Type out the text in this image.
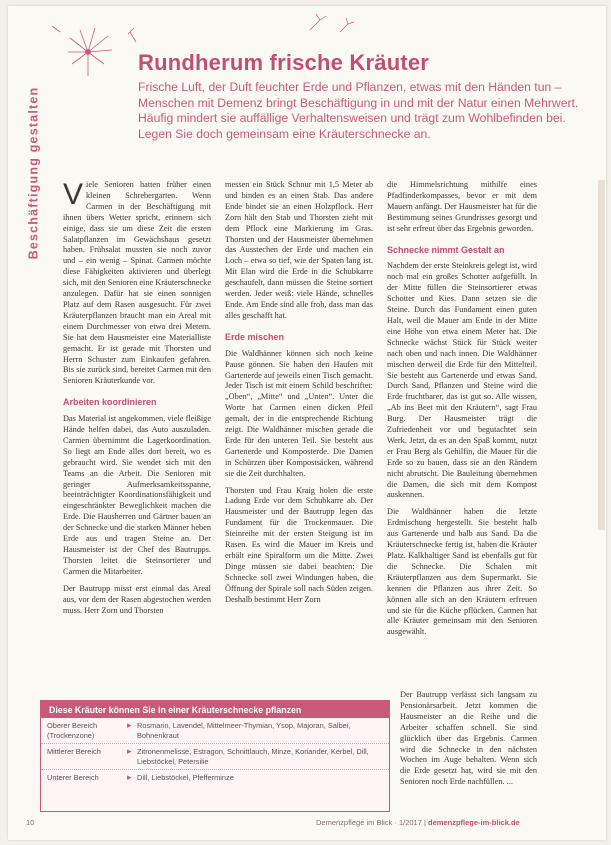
Beschäftigung gestalten
Rundherum frische Kräuter

Frische Luft, der Duft feuchter Erde und Pflanzen, etwas mit den Händen tun – Menschen mit Demenz bringt Beschäftigung in und mit der Natur einen Mehrwert. Häufig mindert sie auffällige Verhaltensweisen und trägt zum Wohlbefinden bei. Legen Sie doch gemeinsam eine Kräuterschnecke an.

Viele Senioren hatten früher einen kleinen Schrebergarten. Wenn Carmen in der Beschäftigung mit ihnen übers Wetter spricht, erinnern sich einige, dass sie um diese Zeit die ersten Salatpflanzen im Gewächshaus gesetzt haben. Frühsalat mussten sie noch zuvor und – ein wenig – Spinat. Carmen möchte diese Fähigkeiten aktivieren und überlegt sich, mit den Senioren eine Kräuterschnecke anzulegen. Dafür hat sie einen sonnigen Platz auf dem Rasen ausgesucht. Für zwei Kräuterpflanzen braucht man ein Areal mit einem Durchmesser von etwa drei Metern. Sie hat dem Hausmeister eine Materialliste gemacht. Er ist gerade mit Thorsten und Herrn Schuster zum Einkaufen gefahren. Bis sie zurück sind, bereitet Carmen mit den Senioren Kräuterkunde vor.

Arbeiten koordinieren

Das Material ist angekommen, viele fleißige Hände helfen dabei, das Auto auszuladen. Carmen übernimmt die Lagerkoordination. So liegt am Ende alles dort bereit, wo es gebraucht wird. Sie wendet sich mit den Teams an die Arbeit. Die Senioren mit geringer Aufmerksamkeitsspanne, beeinträchtigter Koordinationsfähigkeit und eingeschränkter Beweglichkeit machen die Erde. Die Hausherren und Gärtner bauen an der Schnecke und die starken Männer heben Erde aus und tragen Steine an. Der Hausmeister ist der Chef des Bautrupps. Thorsten leitet die Steinsortierer und Carmen die Mitarbeiter.

Der Bautrupp misst erst einmal das Areal aus, vor dem der Rasen abgestochen werden muss. Herr Zorn und Thorsten

messen ein Stück Schnur mit 1,5 Meter ab und binden es an einen Stab. Das andere Ende bindet sie an einen Holzpflock. Herr Zorn hält den Stab und Thorsten zieht mit dem Pflock eine Markierung im Gras. Thorsten und der Hausmeister übernehmen das Ausstechen der Erde und machen ein Loch – etwa so tief, wie der Spaten lang ist. Mit Elan wird die Erde in die Schubkarre geschaufelt, dann müssen die Steine sortiert werden. Jeder weiß: viele Hände, schnelles Ende. Am Ende sind alle froh, dass man das alles geschafft hat.

Erde mischen

Die Waldhänner können sich noch keine Pause gönnen. Sie haben den Haufen mit Gartenerde auf jeweils einen Tisch gemacht. Jeder Tisch ist mit einem Schild beschriftet: „Oben“, „Mitte“ und „Unten“. Unter die Worte hat Carmen einen dicken Pfeil gemalt, der in die entsprechende Richtung zeigt. Die Waldhänner mischen gerade die Erde für den unteren Teil. Sie besteht aus Gartenerde und Komposterde. Die Damen in Schürzen über Kompostsäcken, während sie die Zeit durchhalten.

Thorsten und Frau Kraig holen die erste Ladung Erde vor dem Schubkarre ab. Der Hausmeister und der Bautrupp legen das Fundament für die Trockenmauer. Die Steinreihe mit der ersten Steigung ist im Rasen. Es wird die Mauer im Kreis und erhält eine Spiralform um die Mitte. Zwei Dinge müssen sie dabei beachten: Die Schnecke soll zwei Windungen haben, die Öffnung der Spirale soll nach Süden zeigen. Deshalb bestimmt Herr Zorn

die Himmelsrichtung mithilfe eines Pfadfinderkompasses, bevor er mit dem Mauern anfängt. Der Hausmeister hat für die Bestimmung seines Grundrisses gesorgt und ist sehr erfreut über das Ergebnis geworden.

Schnecke nimmt Gestalt an

Nachdem der erste Steinkreis gelegt ist, wird noch mal ein großes Schotter aufgefüllt. In der Mitte füllen die Steinsortierer etwas Schotter und Kies. Dann setzen sie die Steine. Durch das Fundament einen guten Halt, weil die Mauer am Ende in der Mitte eine Höhe von etwa einem Meter hat. Die Schnecke wächst Stück für Stück weiter nach oben und nach innen. Die Waldhänner mischen derweil die Erde für den Mittelteil. Sie besteht aus Gartenerde und etwas Sand. Durch Sand, Pflanzen und Steine wird die Erde fruchtbarer, das ist gut so. Alle wissen, „Ab ins Beet mit den Kräutern“, sagt Frau Burg. Der Hausmeister trägt die Zufriedenheit vor und begutachtet sein Werk. Jetzt, da es an den Spaß kommt, nutzt er Frau Berg als Gehilfin, die Mauer für die Erde so zu bauen, dass sie an den Rändern nicht abrutscht. Die Bauleitung übernehmen die Damen, die sich mit dem Kompost auskennen.

Die Waldhänner haben die letzte Erdmischung hergestellt. Sie besteht halb aus Gartenerde und halb aus Sand. Da die Kräuterschnecke fertig ist, haben die Kräuter Platz. Kalkhaltiger Sand ist ebenfalls gut für die Schnecke. Die Schalen mit Kräuterpflanzen aus dem Supermarkt. Sie kennen die Pflanzen aus ihrer Zeit. So können alle sich an den Kräutern erfreuen und sie für die Küche pflücken. Carmen hat alle Kräuter gemeinsam mit den Senioren ausgewählt.

Der Bautrupp verlässt sich langsam zu Pensionärsarbeit. Jetzt kommen die Hausmeister an die Reihe und die Arbeiter schaffen schnell. Sie sind glücklich über das Ergebnis. Carmen wird die Schnecke in den nächsten Wochen im Auge behalten. Wenn sich die Erde gesetzt hat, wird sie mit den Senioren noch Erde nachfüllen. ...

Diese Kräuter können Sie in einer Kräuterschnecke pflanzen
Oberer Bereich (Trockenzone)
▸ Rosmarin, Lavendel, Mittelmeer-Thymian, Ysop, Majoran, Salbei, Bohnenkraut
Mittlerer Bereich	▸ Zitronenmelisse, Estragon, Schnittlauch, Minze, Koriander, Kerbel, Dill, Liebstöckel, Petersilie
Unterer Bereich	▸ Dill, Liebstöckel, Pfefferminze
10	Demenzpflege im Blick · 1/2017 | demenzpflege-im-blick.de
